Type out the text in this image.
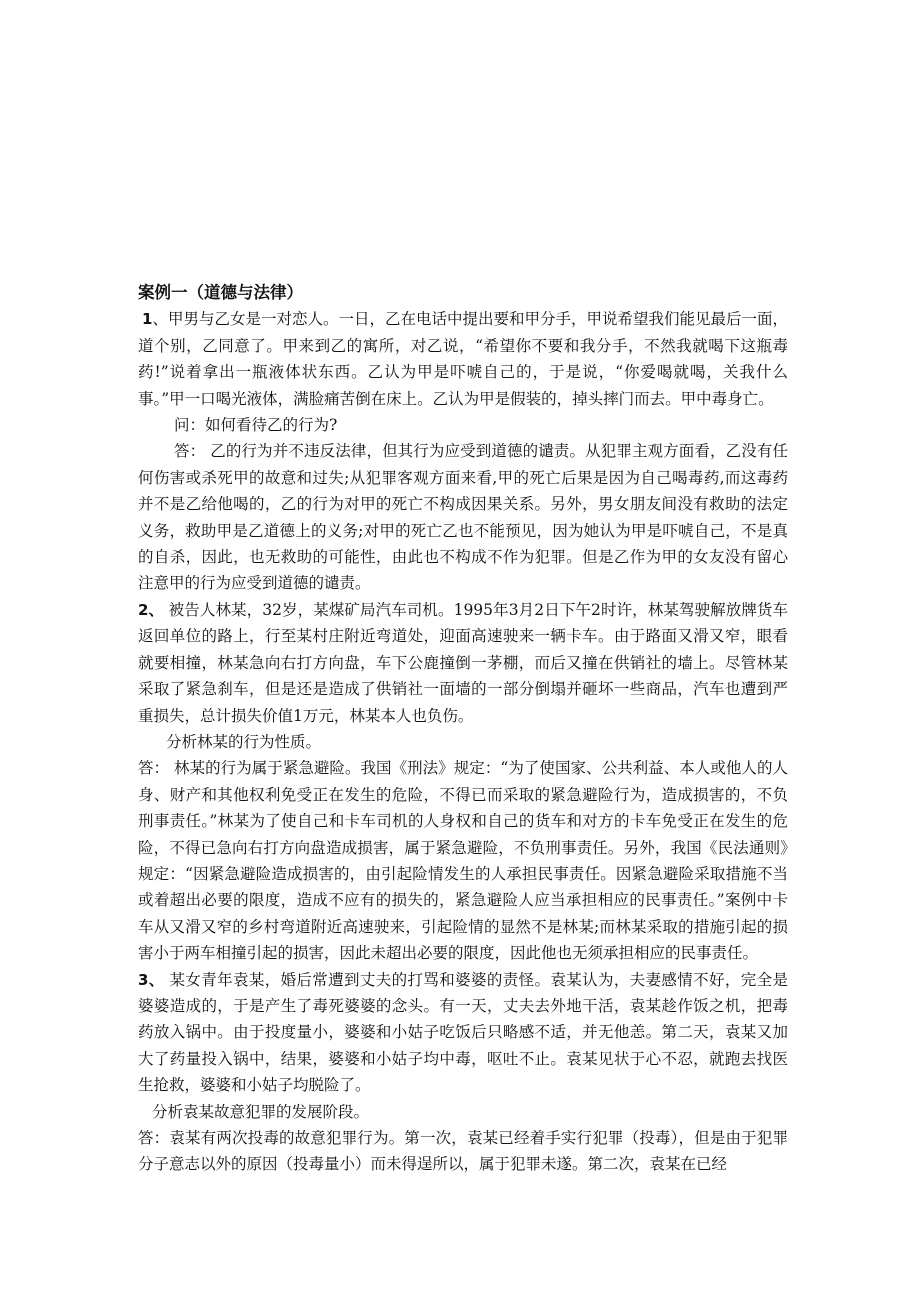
案例一（道德与法律）

1、甲男与乙女是一对恋人。一日，乙在电话中提出要和甲分手，甲说希望我们能见最后一面，道个别，乙同意了。甲来到乙的寓所，对乙说，“希望你不要和我分手，不然我就喝下这瓶毒药!”说着拿出一瓶液体状东西。乙认为甲是吓唬自己的，于是说，“你爱喝就喝，关我什么事。”甲一口喝光液体，满脸痛苦倒在床上。乙认为甲是假装的，掉头摔门而去。甲中毒身亡。

问：如何看待乙的行为?

答： 乙的行为并不违反法律，但其行为应受到道德的谴责。从犯罪主观方面看，乙没有任何伤害或杀死甲的故意和过失;从犯罪客观方面来看,甲的死亡后果是因为自己喝毒药,而这毒药并不是乙给他喝的，乙的行为对甲的死亡不构成因果关系。另外，男女朋友间没有救助的法定义务，救助甲是乙道德上的义务;对甲的死亡乙也不能预见，因为她认为甲是吓唬自己，不是真的自杀，因此，也无救助的可能性，由此也不构成不作为犯罪。但是乙作为甲的女友没有留心注意甲的行为应受到道德的谴责。

2、 被告人林某，32岁，某煤矿局汽车司机。1995年3月2日下午2时许，林某驾驶解放牌货车返回单位的路上，行至某村庄附近弯道处，迎面高速驶来一辆卡车。由于路面又滑又窄，眼看就要相撞，林某急向右打方向盘，车下公鹿撞倒一茅棚，而后又撞在供销社的墙上。尽管林某采取了紧急刹车，但是还是造成了供销社一面墙的一部分倒塌并砸坏一些商品，汽车也遭到严重损失，总计损失价值1万元，林某本人也负伤。

分析林某的行为性质。

答： 林某的行为属于紧急避险。我国《刑法》规定：“为了使国家、公共利益、本人或他人的人身、财产和其他权利免受正在发生的危险，不得已而采取的紧急避险行为，造成损害的，不负刑事责任。”林某为了使自己和卡车司机的人身权和自己的货车和对方的卡车免受正在发生的危险，不得已急向右打方向盘造成损害，属于紧急避险，不负刑事责任。另外，我国《民法通则》规定：“因紧急避险造成损害的，由引起险情发生的人承担民事责任。因紧急避险采取措施不当或着超出必要的限度，造成不应有的损失的，紧急避险人应当承担相应的民事责任。”案例中卡车从又滑又窄的乡村弯道附近高速驶来，引起险情的显然不是林某;而林某采取的措施引起的损害小于两车相撞引起的损害，因此未超出必要的限度，因此他也无须承担相应的民事责任。

3、 某女青年袁某，婚后常遭到丈夫的打骂和婆婆的责怪。袁某认为，夫妻感情不好，完全是婆婆造成的，于是产生了毒死婆婆的念头。有一天，丈夫去外地干活，袁某趁作饭之机，把毒药放入锅中。由于投度量小，婆婆和小姑子吃饭后只略感不适，并无他恙。第二天，袁某又加大了药量投入锅中，结果，婆婆和小姑子均中毒，呕吐不止。袁某见状于心不忍，就跑去找医生抢救，婆婆和小姑子均脱险了。

分析袁某故意犯罪的发展阶段。

答：袁某有两次投毒的故意犯罪行为。第一次，袁某已经着手实行犯罪（投毒），但是由于犯罪分子意志以外的原因（投毒量小）而未得逞所以，属于犯罪未遂。第二次，袁某在已经
